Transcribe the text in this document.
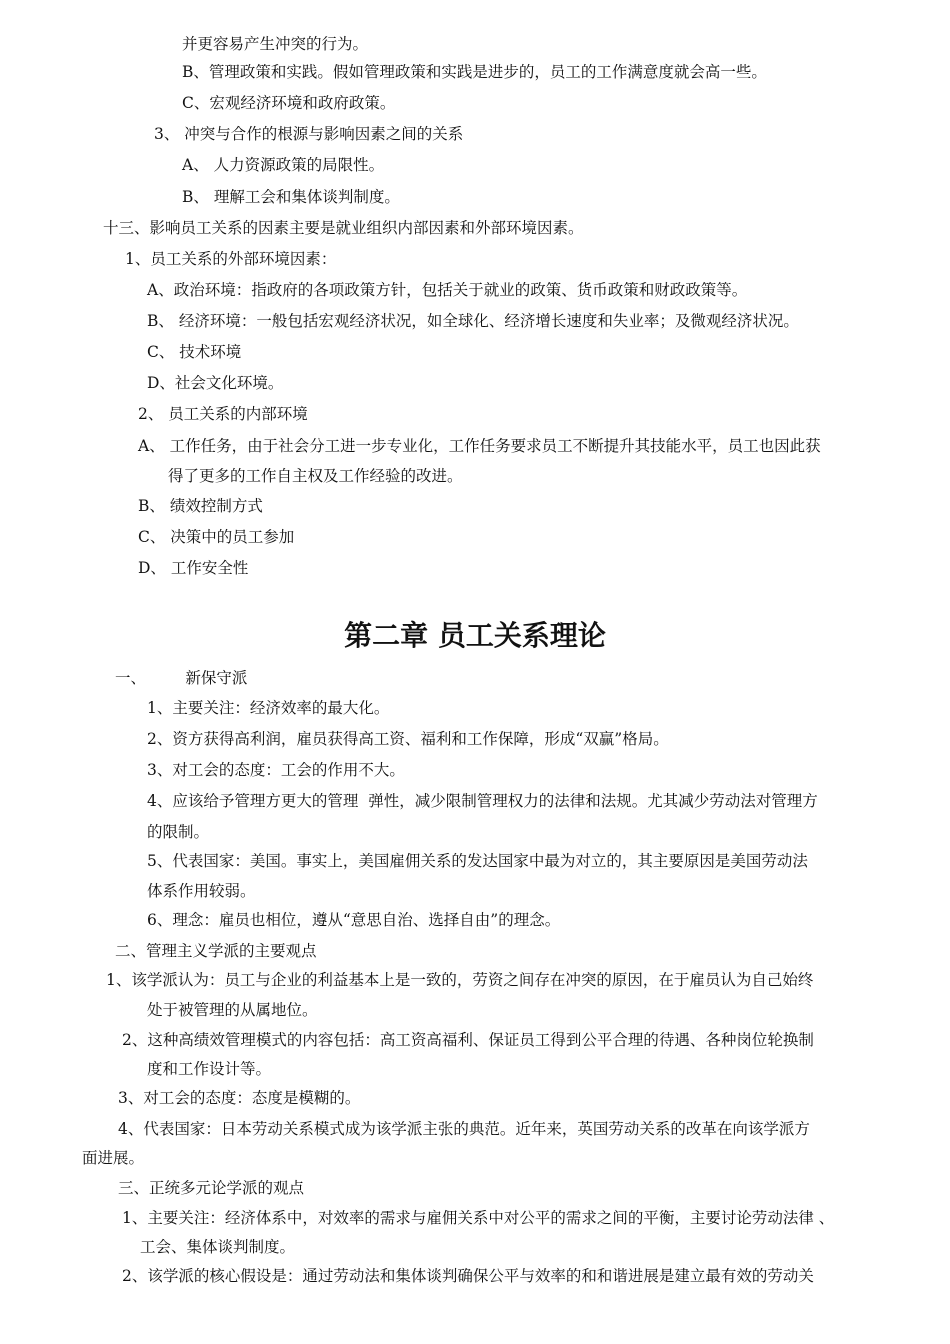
并更容易产生冲突的行为。
B、管理政策和实践。假如管理政策和实践是进步的，员工的工作满意度就会高一些。
C、宏观经济环境和政府政策。
3、 冲突与合作的根源与影响因素之间的关系
A、 人力资源政策的局限性。
B、 理解工会和集体谈判制度。
十三、影响员工关系的因素主要是就业组织内部因素和外部环境因素。
1、员工关系的外部环境因素：
A、政治环境：指政府的各项政策方针，包括关于就业的政策、货币政策和财政政策等。
B、 经济环境：一般包括宏观经济状况，如全球化、经济增长速度和失业率；及微观经济状况。
C、 技术环境
D、社会文化环境。
2、 员工关系的内部环境
A、 工作任务，由于社会分工进一步专业化，工作任务要求员工不断提升其技能水平，员工也因此获
得了更多的工作自主权及工作经验的改进。
B、 绩效控制方式
C、 决策中的员工参加
D、 工作安全性
第二章 员工关系理论
一、        新保守派
1、主要关注：经济效率的最大化。
2、资方获得高利润，雇员获得高工资、福利和工作保障，形成“双赢”格局。
3、对工会的态度：工会的作用不大。
4、应该给予管理方更大的管理  弹性，减少限制管理权力的法律和法规。尤其减少劳动法对管理方
的限制。
5、代表国家：美国。事实上，美国雇佣关系的发达国家中最为对立的，其主要原因是美国劳动法
体系作用较弱。
6、理念：雇员也相位，遵从“意思自治、选择自由”的理念。
二、管理主义学派的主要观点
1、该学派认为：员工与企业的利益基本上是一致的，劳资之间存在冲突的原因，在于雇员认为自己始终
处于被管理的从属地位。
2、这种高绩效管理模式的内容包括：高工资高福利、保证员工得到公平合理的待遇、各种岗位轮换制
度和工作设计等。
3、对工会的态度：态度是模糊的。
4、代表国家：日本劳动关系模式成为该学派主张的典范。近年来，英国劳动关系的改革在向该学派方
面进展。
三、正统多元论学派的观点
1、主要关注：经济体系中，对效率的需求与雇佣关系中对公平的需求之间的平衡，主要讨论劳动法律 、
工会、集体谈判制度。
2、该学派的核心假设是：通过劳动法和集体谈判确保公平与效率的和和谐进展是建立最有效的劳动关
